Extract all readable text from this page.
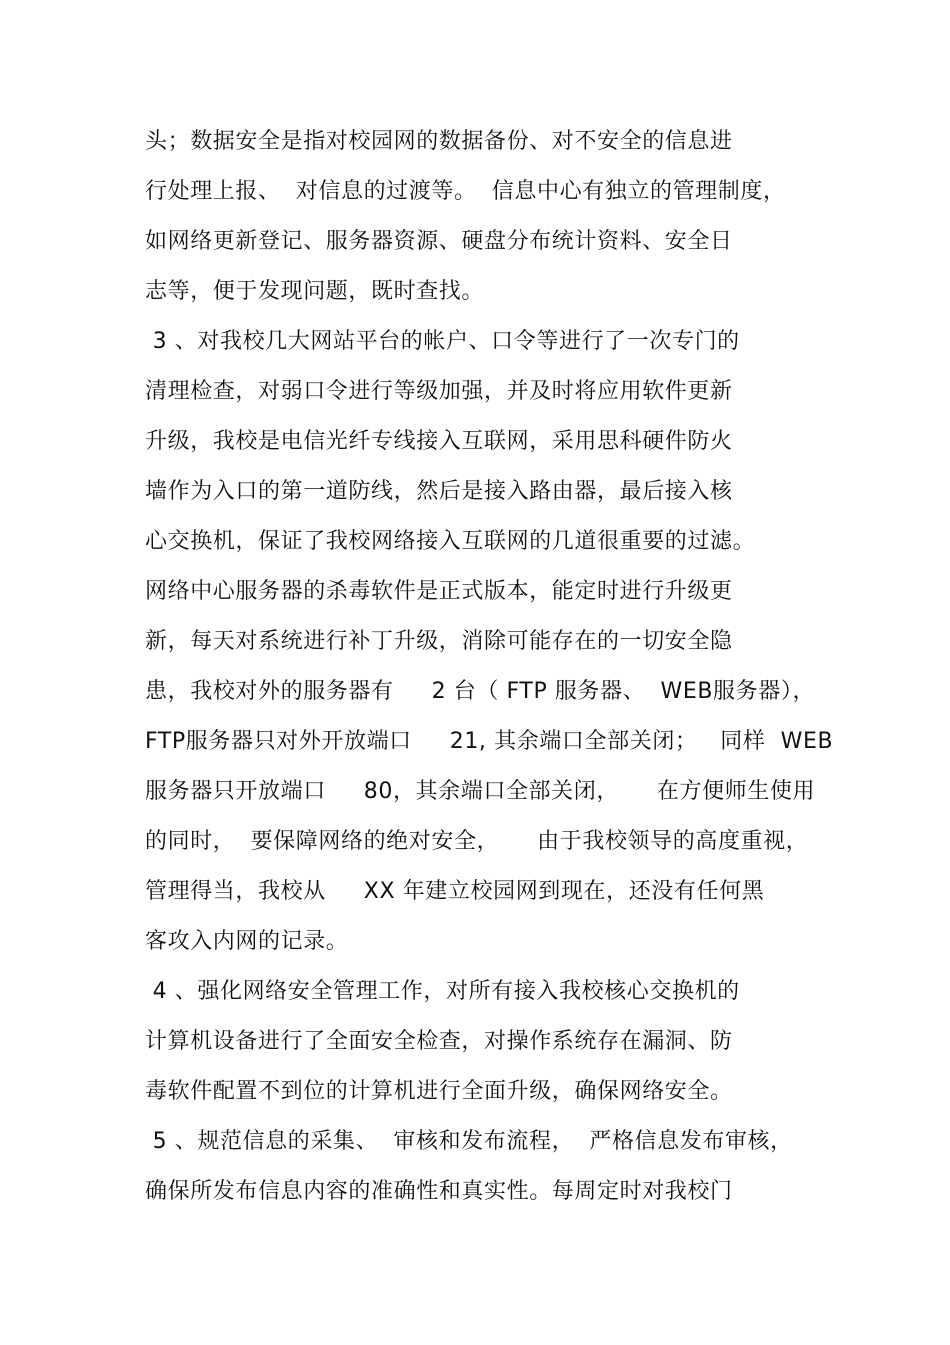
头；数据安全是指对校园网的数据备份、对不安全的信息进
行处理上报、  对信息的过渡等。  信息中心有独立的管理制度，
如网络更新登记、服务器资源、硬盘分布统计资料、安全日
志等，便于发现问题，既时查找。
3 、对我校几大网站平台的帐户、口令等进行了一次专门的
清理检查，对弱口令进行等级加强，并及时将应用软件更新
升级，我校是电信光纤专线接入互联网，采用思科硬件防火
墙作为入口的第一道防线，然后是接入路由器，最后接入核
心交换机，保证了我校网络接入互联网的几道很重要的过滤。
网络中心服务器的杀毒软件是正式版本，能定时进行升级更
新，每天对系统进行补丁升级，消除可能存在的一切安全隐
患，我校对外的服务器有     2 台（ FTP 服务器、  WEB服务器），
FTP服务器只对外开放端口     21, 其余端口全部关闭；   同样  WEB
服务器只开放端口     80，其余端口全部关闭，     在方便师生使用
的同时，  要保障网络的绝对安全，     由于我校领导的高度重视，
管理得当，我校从     XX 年建立校园网到现在，还没有任何黑
客攻入内网的记录。
4 、强化网络安全管理工作，对所有接入我校核心交换机的
计算机设备进行了全面安全检查，对操作系统存在漏洞、防
毒软件配置不到位的计算机进行全面升级，确保网络安全。
5 、规范信息的采集、  审核和发布流程，  严格信息发布审核，
确保所发布信息内容的准确性和真实性。每周定时对我校门
